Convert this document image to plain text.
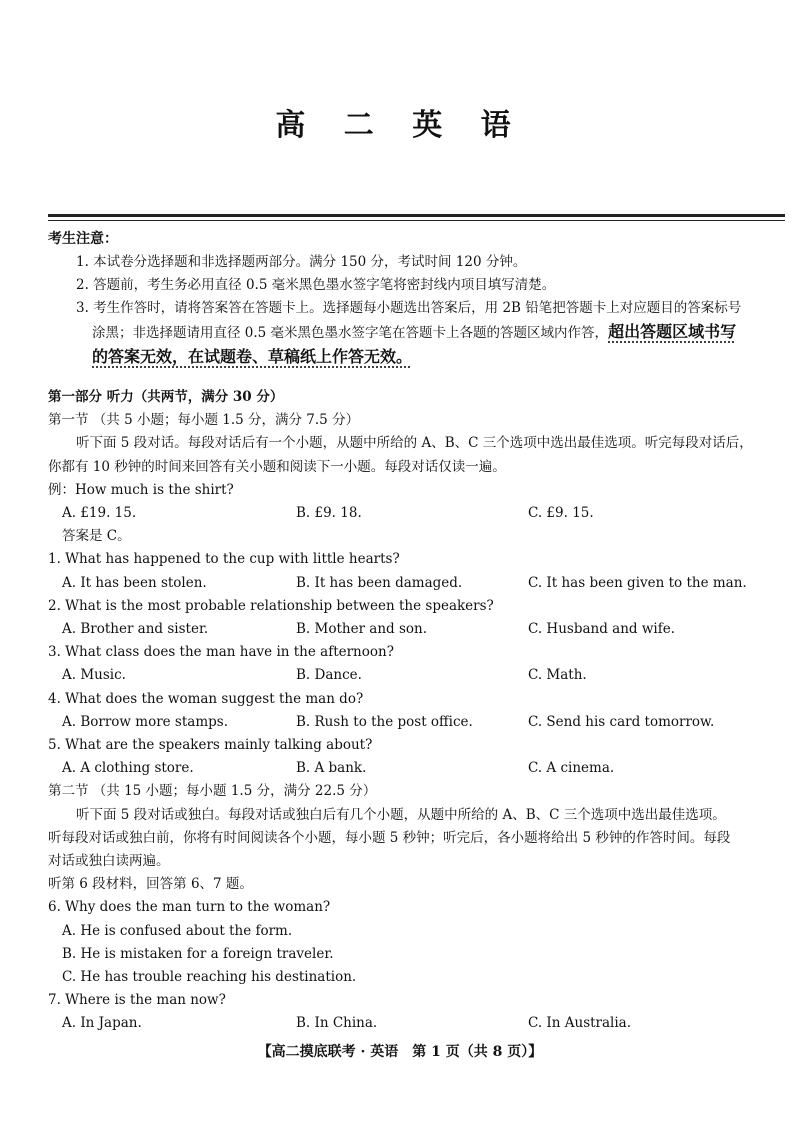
高 二 英 语
考生注意：
1. 本试卷分选择题和非选择题两部分。满分 150 分，考试时间 120 分钟。
2. 答题前，考生务必用直径 0.5 毫米黑色墨水签字笔将密封线内项目填写清楚。
3. 考生作答时，请将答案答在答题卡上。选择题每小题选出答案后，用 2B 铅笔把答题卡上对应题目的答案标号
涂黑；非选择题请用直径 0.5 毫米黑色墨水签字笔在答题卡上各题的答题区域内作答，超出答题区域书写
的答案无效，在试题卷、草稿纸上作答无效。
第一部分 听力（共两节，满分 30 分）
第一节 （共 5 小题；每小题 1.5 分，满分 7.5 分）
听下面 5 段对话。每段对话后有一个小题，从题中所给的 A、B、C 三个选项中选出最佳选项。听完每段对话后，
你都有 10 秒钟的时间来回答有关小题和阅读下一小题。每段对话仅读一遍。
例：How much is the shirt?
A. £19. 15.	B. £9. 18.	C. £9. 15.
答案是 C。
1. What has happened to the cup with little hearts?
A. It has been stolen.	B. It has been damaged.	C. It has been given to the man.
2. What is the most probable relationship between the speakers?
A. Brother and sister.	B. Mother and son.	C. Husband and wife.
3. What class does the man have in the afternoon?
A. Music.	B. Dance.	C. Math.
4. What does the woman suggest the man do?
A. Borrow more stamps.	B. Rush to the post office.	C. Send his card tomorrow.
5. What are the speakers mainly talking about?
A. A clothing store.	B. A bank.	C. A cinema.
第二节 （共 15 小题；每小题 1.5 分，满分 22.5 分）
听下面 5 段对话或独白。每段对话或独白后有几个小题，从题中所给的 A、B、C 三个选项中选出最佳选项。
听每段对话或独白前，你将有时间阅读各个小题，每小题 5 秒钟；听完后，各小题将给出 5 秒钟的作答时间。每段
对话或独白读两遍。
听第 6 段材料，回答第 6、7 题。
6. Why does the man turn to the woman?
A. He is confused about the form.
B. He is mistaken for a foreign traveler.
C. He has trouble reaching his destination.
7. Where is the man now?
A. In Japan.	B. In China.	C. In Australia.
【高二摸底联考 · 英语　第 1 页（共 8 页）】
